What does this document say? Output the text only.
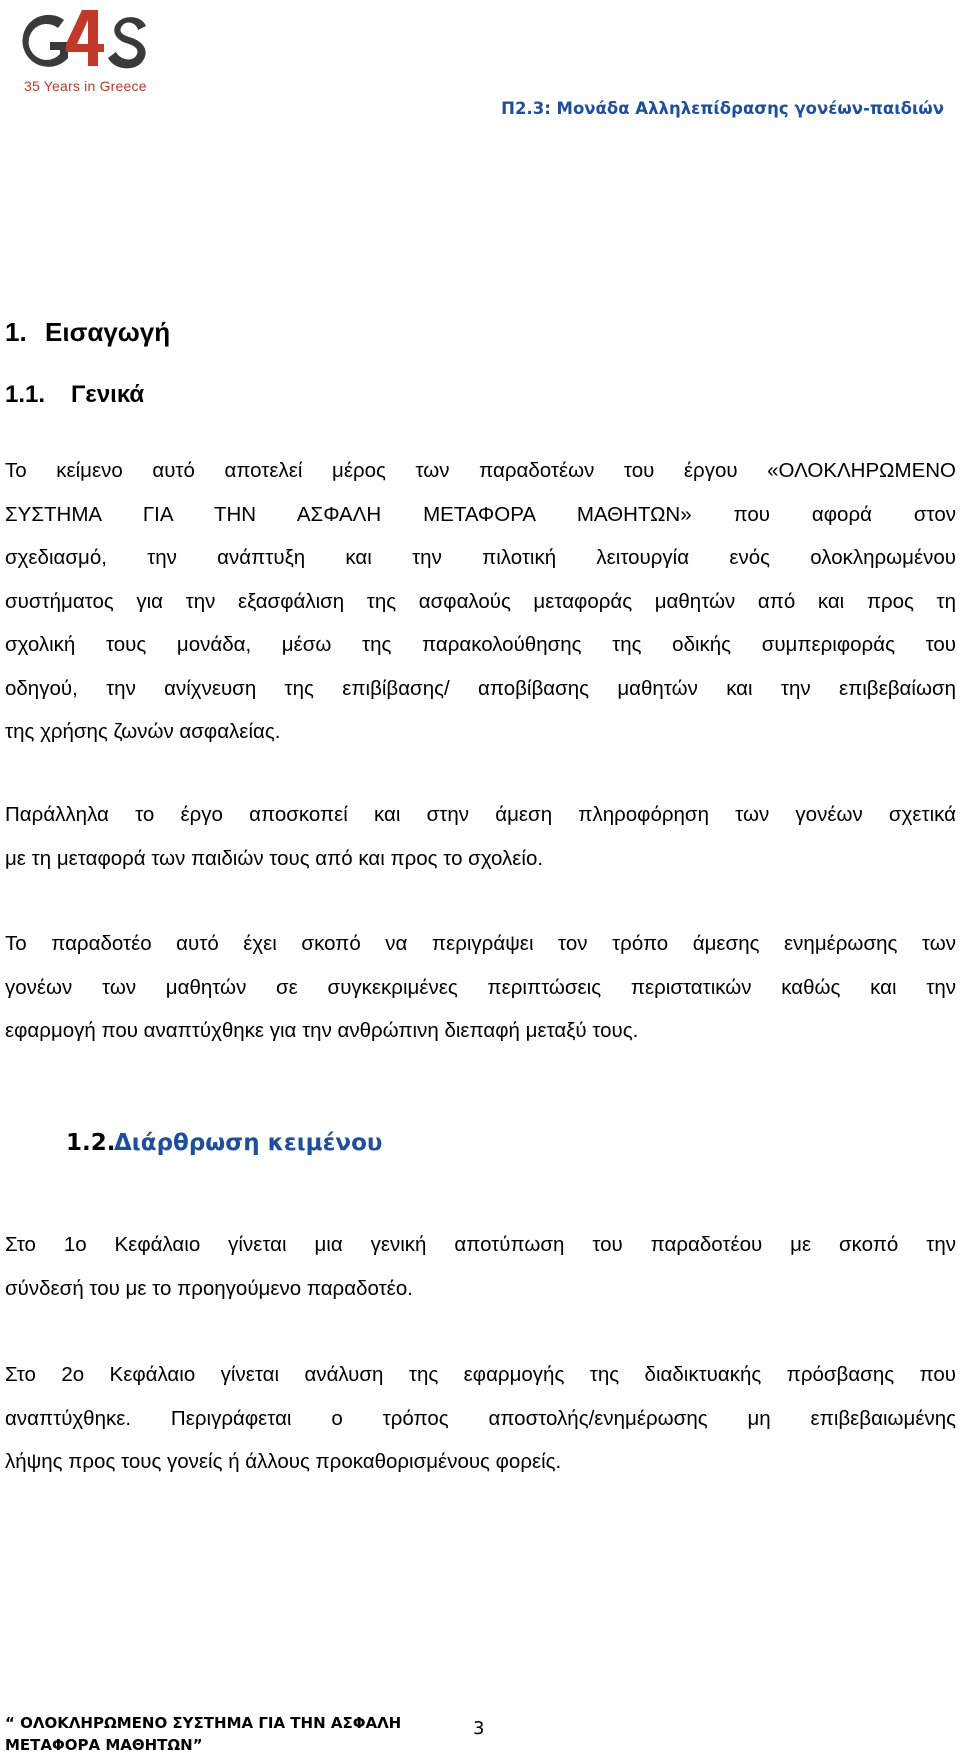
35 Years in Greece
Π2.3: Μονάδα Αλληλεπίδρασης γονέων-παιδιών
1. Εισαγωγή
1.1. Γενικά
Το κείμενο αυτό αποτελεί μέρος των παραδοτέων του έργου «ΟΛΟΚΛΗΡΩΜΕΝΟ
ΣΥΣΤΗΜΑ ΓΙΑ ΤΗΝ ΑΣΦΑΛΗ ΜΕΤΑΦΟΡΑ ΜΑΘΗΤΩΝ» που αφορά στον
σχεδιασμό, την ανάπτυξη και την πιλοτική λειτουργία ενός ολοκληρωμένου
συστήματος για την εξασφάλιση της ασφαλούς μεταφοράς μαθητών από και προς τη
σχολική τους μονάδα, μέσω της παρακολούθησης της οδικής συμπεριφοράς του
οδηγού, την ανίχνευση της επιβίβασης/ αποβίβασης μαθητών και την επιβεβαίωση
της χρήσης ζωνών ασφαλείας.
Παράλληλα το έργο αποσκοπεί και στην άμεση πληροφόρηση των γονέων σχετικά
με τη μεταφορά των παιδιών τους από και προς το σχολείο.
Το παραδοτέο αυτό έχει σκοπό να περιγράψει τον τρόπο άμεσης ενημέρωσης των
γονέων των μαθητών σε συγκεκριμένες περιπτώσεις περιστατικών καθώς και την
εφαρμογή που αναπτύχθηκε για την ανθρώπινη διεπαφή μεταξύ τους.
1.2.Διάρθρωση κειμένου
Στο 1ο Κεφάλαιο γίνεται μια γενική αποτύπωση του παραδοτέου με σκοπό την
σύνδεσή του με το προηγούμενο παραδοτέο.
Στο 2ο Κεφάλαιο γίνεται ανάλυση της εφαρμογής της διαδικτυακής πρόσβασης που
αναπτύχθηκε. Περιγράφεται ο τρόπος αποστολής/ενημέρωσης μη επιβεβαιωμένης
λήψης προς τους γονείς ή άλλους προκαθορισμένους φορείς.
“ ΟΛΟΚΛΗΡΩΜΕΝΟ ΣΥΣΤΗΜΑ ΓΙΑ ΤΗΝ ΑΣΦΑΛΗ
ΜΕΤΑΦΟΡΑ ΜΑΘΗΤΩΝ”
3
